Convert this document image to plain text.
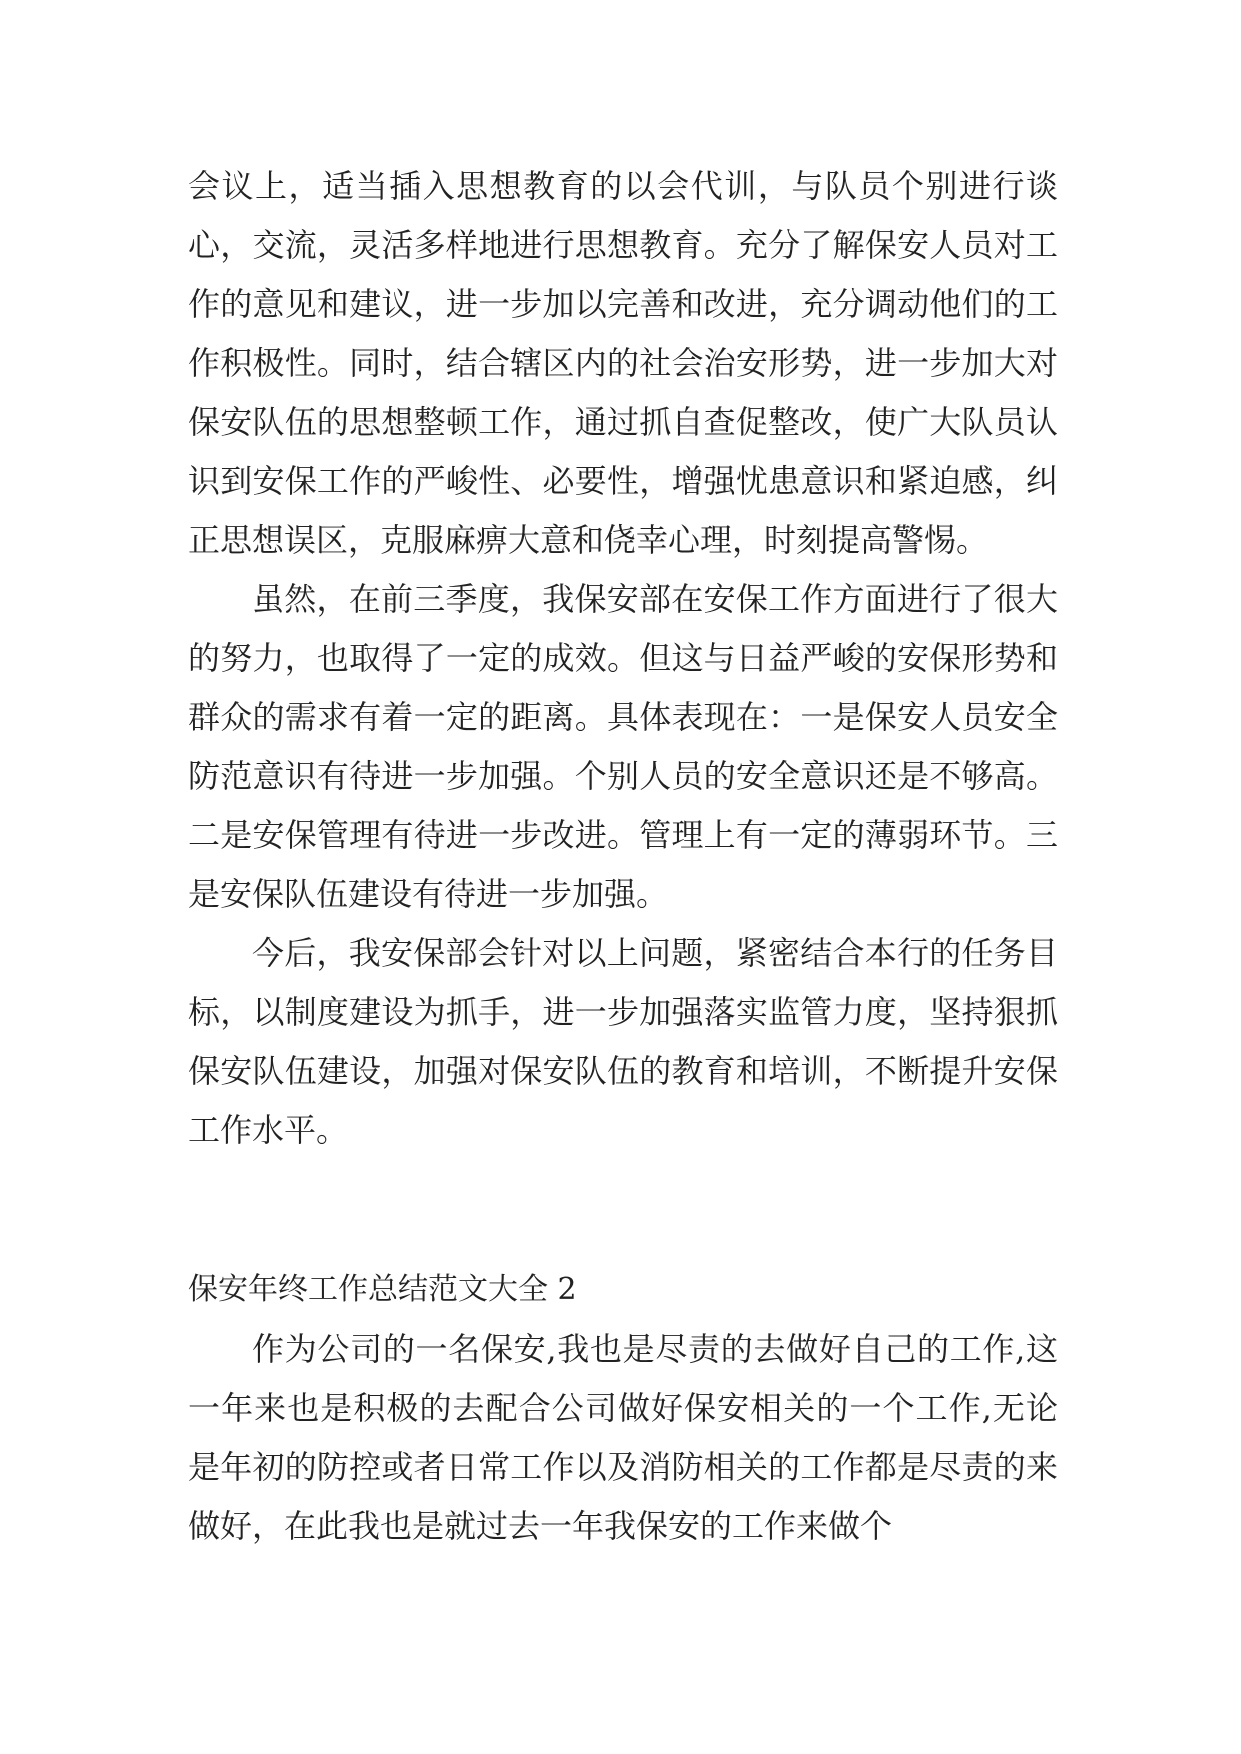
会议上，适当插入思想教育的以会代训，与队员个别进行谈心，交流，灵活多样地进行思想教育。充分了解保安人员对工作的意见和建议，进一步加以完善和改进，充分调动他们的工作积极性。同时，结合辖区内的社会治安形势，进一步加大对保安队伍的思想整顿工作，通过抓自查促整改，使广大队员认识到安保工作的严峻性、必要性，增强忧患意识和紧迫感，纠正思想误区，克服麻痹大意和侥幸心理，时刻提高警惕。

虽然，在前三季度，我保安部在安保工作方面进行了很大的努力，也取得了一定的成效。但这与日益严峻的安保形势和群众的需求有着一定的距离。具体表现在：一是保安人员安全防范意识有待进一步加强。个别人员的安全意识还是不够高。二是安保管理有待进一步改进。管理上有一定的薄弱环节。三是安保队伍建设有待进一步加强。

今后，我安保部会针对以上问题，紧密结合本行的任务目标，以制度建设为抓手，进一步加强落实监管力度，坚持狠抓保安队伍建设，加强对保安队伍的教育和培训，不断提升安保工作水平。

保安年终工作总结范文大全 2

作为公司的一名保安,我也是尽责的去做好自己的工作,这一年来也是积极的去配合公司做好保安相关的一个工作,无论是年初的防控或者日常工作以及消防相关的工作都是尽责的来做好，在此我也是就过去一年我保安的工作来做个
